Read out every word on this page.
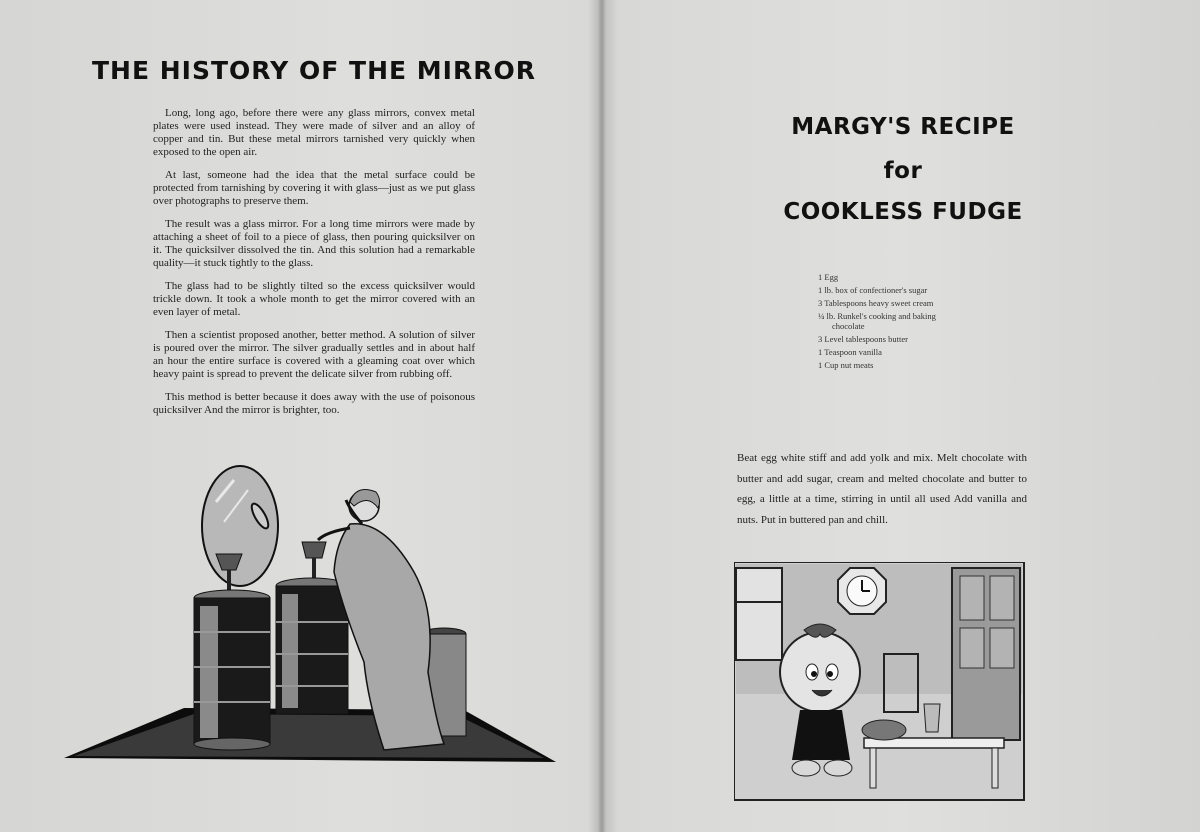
THE HISTORY OF THE MIRROR

Long, long ago, before there were any glass mirrors, convex metal plates were used instead. They were made of silver and an alloy of copper and tin. But these metal mirrors tarnished very quickly when exposed to the open air.

At last, someone had the idea that the metal surface could be protected from tarnishing by covering it with glass—just as we put glass over photographs to preserve them.

The result was a glass mirror. For a long time mirrors were made by attaching a sheet of foil to a piece of glass, then pouring quicksilver on it. The quicksilver dissolved the tin. And this solution had a remarkable quality—it stuck tightly to the glass.

The glass had to be slightly tilted so the excess quicksilver would trickle down. It took a whole month to get the mirror covered with an even layer of metal.

Then a scientist proposed another, better method. A solution of silver is poured over the mirror. The silver gradually settles and in about half an hour the entire surface is covered with a gleaming coat over which heavy paint is spread to prevent the delicate silver from rubbing off.

This method is better because it does away with the use of poisonous quicksilver And the mirror is brighter, too.

MARGY'S RECIPE
for
COOKLESS FUDGE
1 Egg
1 lb. box of confectioner's sugar
3 Tablespoons heavy sweet cream
¼ lb. Runkel's cooking and baking chocolate
3 Level tablespoons butter
1 Teaspoon vanilla
1 Cup nut meats

Beat egg white stiff and add yolk and mix. Melt chocolate with butter and add sugar, cream and melted chocolate and butter to egg, a little at a time, stirring in until all used Add vanilla and nuts. Put in buttered pan and chill.
